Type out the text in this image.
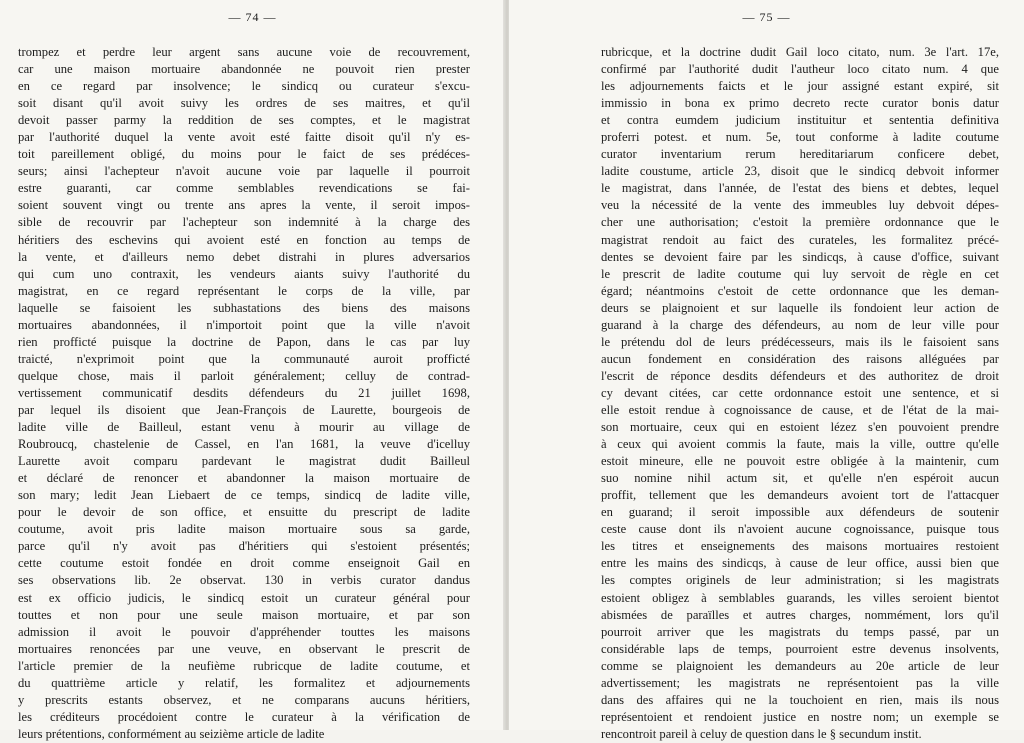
— 74 —
trompez et perdre leur argent sans aucune voie de recouvrement,
car une maison mortuaire abandonnée ne pouvoit rien prester
en ce regard par insolvence; le sindicq ou curateur s'excu-
soit disant qu'il avoit suivy les ordres de ses maitres, et qu'il
devoit passer parmy la reddition de ses comptes, et le magistrat
par l'authorité duquel la vente avoit esté faitte disoit qu'il n'y es-
toit pareillement obligé, du moins pour le faict de ses prédéces-
seurs; ainsi l'achepteur n'avoit aucune voie par laquelle il pourroit
estre guaranti, car comme semblables revendications se fai-
soient souvent vingt ou trente ans apres la vente, il seroit impos-
sible de recouvrir par l'achepteur son indemnité à la charge des
héritiers des eschevins qui avoient esté en fonction au temps de
la vente, et d'ailleurs nemo debet distrahi in plures adversarios
qui cum uno contraxit, les vendeurs aiants suivy l'authorité du
magistrat, en ce regard représentant le corps de la ville, par
laquelle se faisoient les subhastations des biens des maisons
mortuaires abandonnées, il n'importoit point que la ville n'avoit
rien profficté puisque la doctrine de Papon, dans le cas par luy
traicté, n'exprimoit point que la communauté auroit profficté
quelque chose, mais il parloit généralement; celluy de contrad-
vertissement communicatif desdits défendeurs du 21 juillet 1698,
par lequel ils disoient que Jean-François de Laurette, bourgeois de
ladite ville de Bailleul, estant venu à mourir au village de
Roubroucq, chastelenie de Cassel, en l'an 1681, la veuve d'icelluy
Laurette avoit comparu pardevant le magistrat dudit Bailleul
et déclaré de renoncer et abandonner la maison mortuaire de
son mary; ledit Jean Liebaert de ce temps, sindicq de ladite ville,
pour le devoir de son office, et ensuitte du prescript de ladite
coutume, avoit pris ladite maison mortuaire sous sa garde,
parce qu'il n'y avoit pas d'héritiers qui s'estoient présentés;
cette coutume estoit fondée en droit comme enseignoit Gail en
ses observations lib. 2e observat. 130 in verbis curator dandus
est ex officio judicis, le sindicq estoit un curateur général pour
touttes et non pour une seule maison mortuaire, et par son
admission il avoit le pouvoir d'appréhender touttes les maisons
mortuaires renoncées par une veuve, en observant le prescrit de
l'article premier de la neufième rubricque de ladite coutume, et
du quattrième article y relatif, les formalitez et adjournements
y prescrits estants observez, et ne comparans aucuns héritiers,
les créditeurs procédoient contre le curateur à la vérification de
leurs prétentions, conformément au seizième article de ladite
— 75 —
rubricque, et la doctrine dudit Gail loco citato, num. 3e l'art. 17e,
confirmé par l'authorité dudit l'autheur loco citato num. 4 que
les adjournements faicts et le jour assigné estant expiré, sit
immissio in bona ex primo decreto recte curator bonis datur
et contra eumdem judicium instituitur et sententia definitiva
proferri potest. et num. 5e, tout conforme à ladite coutume
curator inventarium rerum hereditariarum conficere debet,
ladite coustume, article 23, disoit que le sindicq debvoit informer
le magistrat, dans l'année, de l'estat des biens et debtes, lequel
veu la nécessité de la vente des immeubles luy debvoit dépes-
cher une authorisation; c'estoit la première ordonnance que le
magistrat rendoit au faict des curateles, les formalitez précé-
dentes se devoient faire par les sindicqs, à cause d'office, suivant
le prescrit de ladite coutume qui luy servoit de règle en cet
égard; néantmoins c'estoit de cette ordonnance que les deman-
deurs se plaignoient et sur laquelle ils fondoient leur action de
guarand à la charge des défendeurs, au nom de leur ville pour
le prétendu dol de leurs prédécesseurs, mais ils le faisoient sans
aucun fondement en considération des raisons alléguées par
l'escrit de réponce desdits défendeurs et des authoritez de droit
cy devant citées, car cette ordonnance estoit une sentence, et si
elle estoit rendue à cognoissance de cause, et de l'état de la mai-
son mortuaire, ceux qui en estoient lézez s'en pouvoient prendre
à ceux qui avoient commis la faute, mais la ville, outtre qu'elle
estoit mineure, elle ne pouvoit estre obligée à la maintenir, cum
suo nomine nihil actum sit, et qu'elle n'en espéroit aucun
proffit, tellement que les demandeurs avoient tort de l'attacquer
en guarand; il seroit impossible aux défendeurs de soutenir
ceste cause dont ils n'avoient aucune cognoissance, puisque tous
les titres et enseignements des maisons mortuaires restoient
entre les mains des sindicqs, à cause de leur office, aussi bien que
les comptes originels de leur administration; si les magistrats
estoient obligez à semblables guarands, les villes seroient bientot
abismées de paraïlles et autres charges, nommément, lors qu'il
pourroit arriver que les magistrats du temps passé, par un
considérable laps de temps, pourroient estre devenus insolvents,
comme se plaignoient les demandeurs au 20e article de leur
advertissement; les magistrats ne représentoient pas la ville
dans des affaires qui ne la touchoient en rien, mais ils nous
représentoient et rendoient justice en nostre nom; un exemple se
rencontroit pareil à celuy de question dans le § secundum instit.
